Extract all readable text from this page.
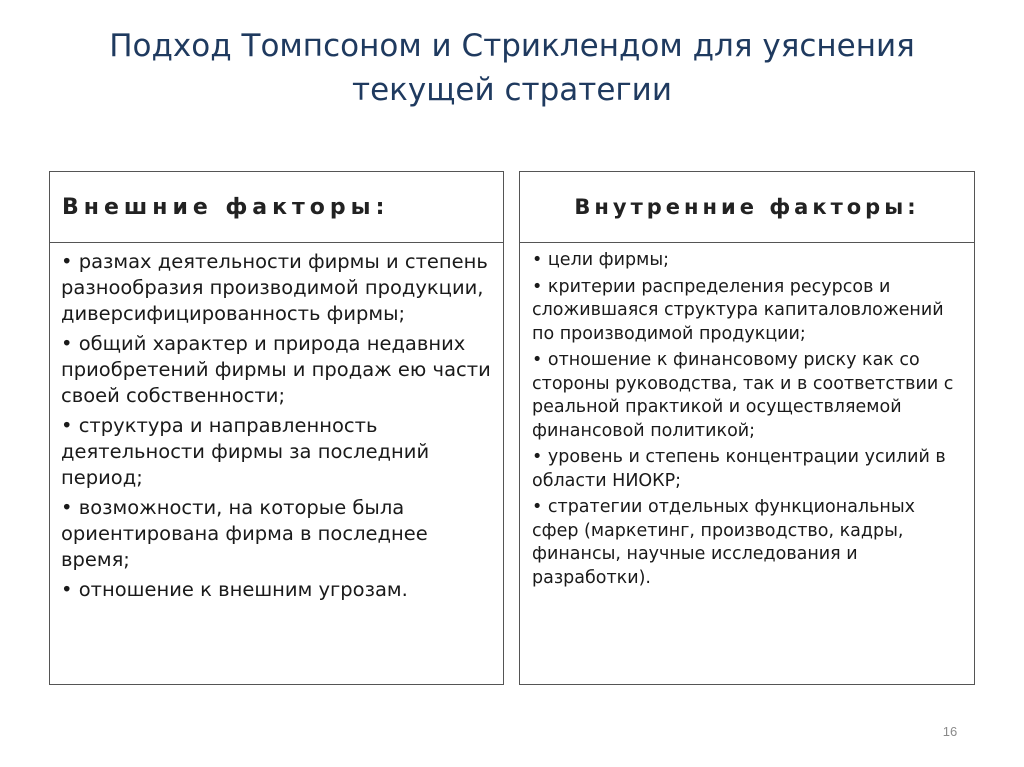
Подход Томпсоном и Стриклендом для уяснения
текущей стратегии
Внешние факторы:
• размах деятельности фирмы и степень разнообразия производимой продукции, диверсифицированность фирмы;
• общий характер и природа недавних приобретений фирмы и продаж ею части своей собственности;
• структура и направленность деятельности фирмы за последний период;
• возможности, на которые была ориентирована фирма в последнее время;
• отношение к внешним угрозам.
Внутренние факторы:
• цели фирмы;
• критерии распределения ресурсов и сложившаяся структура капиталовложений по производимой продукции;
• отношение к финансовому риску как со стороны руководства, так и в соответствии с реальной практикой и осуществляемой финансовой политикой;
• уровень и степень концентрации усилий в области НИОКР;
• стратегии отдельных функциональных сфер (маркетинг, производство, кадры, финансы, научные исследования и разработки).
16
